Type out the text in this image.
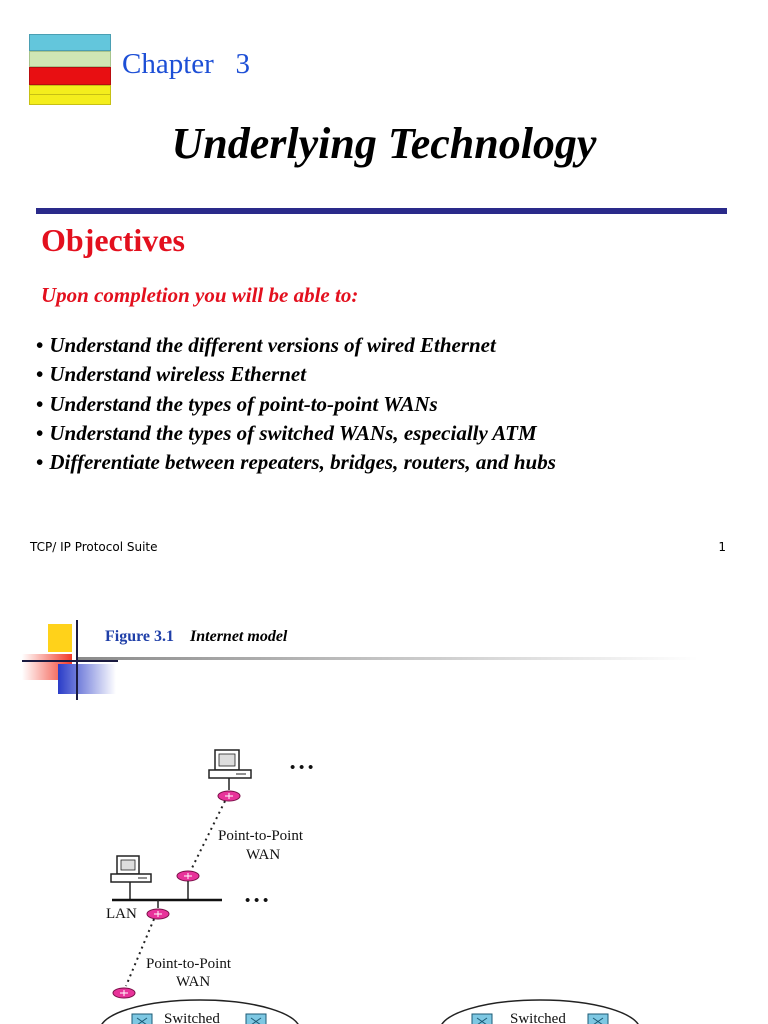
Chapter   3
Underlying Technology
Objectives
Upon completion you will be able to:
• Understand the different versions of wired Ethernet
• Understand wireless Ethernet
• Understand the types of point-to-point WANs
• Understand the types of switched WANs, especially ATM
• Differentiate between repeaters, bridges, routers, and hubs
TCP/ IP Protocol Suite	1
Figure 3.1 Internet model
• • •
Point-to-Point
WAN
• • •
LAN
Point-to-Point
WAN
Switched	Switched
